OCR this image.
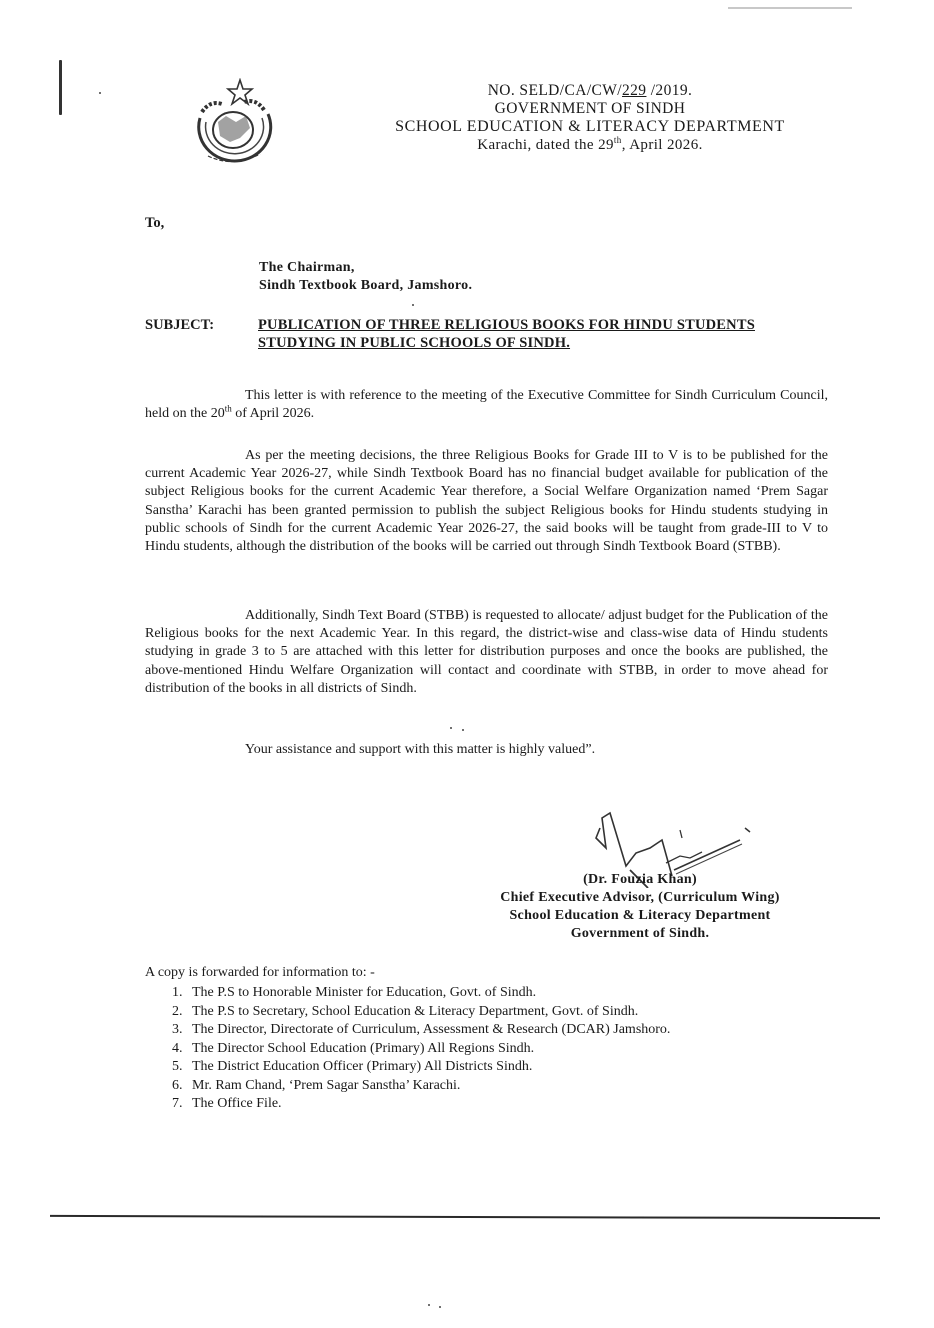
NO. SELD/CA/CW/229 /2019.
GOVERNMENT OF SINDH
SCHOOL EDUCATION & LITERACY DEPARTMENT
Karachi, dated the 29th, April 2026.
To,
The Chairman,
Sindh Textbook Board, Jamshoro.
SUBJECT:	PUBLICATION OF THREE RELIGIOUS BOOKS FOR HINDU STUDENTS STUDYING IN PUBLIC SCHOOLS OF SINDH.
This letter is with reference to the meeting of the Executive Committee for Sindh Curriculum Council, held on the 20th of April 2026.
As per the meeting decisions, the three Religious Books for Grade III to V is to be published for the current Academic Year 2026-27, while Sindh Textbook Board has no financial budget available for publication of the subject Religious books for the current Academic Year therefore, a Social Welfare Organization named ‘Prem Sagar Sanstha’ Karachi has been granted permission to publish the subject Religious books for Hindu students studying in public schools of Sindh for the current Academic Year 2026-27, the said books will be taught from grade-III to V to Hindu students, although the distribution of the books will be carried out through Sindh Textbook Board (STBB).
Additionally, Sindh Text Board (STBB) is requested to allocate/ adjust budget for the Publication of the Religious books for the next Academic Year. In this regard, the district-wise and class-wise data of Hindu students studying in grade 3 to 5 are attached with this letter for distribution purposes and once the books are published, the above-mentioned Hindu Welfare Organization will contact and coordinate with STBB, in order to move ahead for distribution of the books in all districts of Sindh.
Your assistance and support with this matter is highly valued”.
(Dr. Fouzia Khan)
Chief Executive Advisor, (Curriculum Wing)
School Education & Literacy Department
Government of Sindh.
A copy is forwarded for information to: -
1. The P.S to Honorable Minister for Education, Govt. of Sindh.
2. The P.S to Secretary, School Education & Literacy Department, Govt. of Sindh.
3. The Director, Directorate of Curriculum, Assessment & Research (DCAR) Jamshoro.
4. The Director School Education (Primary) All Regions Sindh.
5. The District Education Officer (Primary) All Districts Sindh.
6. Mr. Ram Chand, ‘Prem Sagar Sanstha’ Karachi.
7. The Office File.
